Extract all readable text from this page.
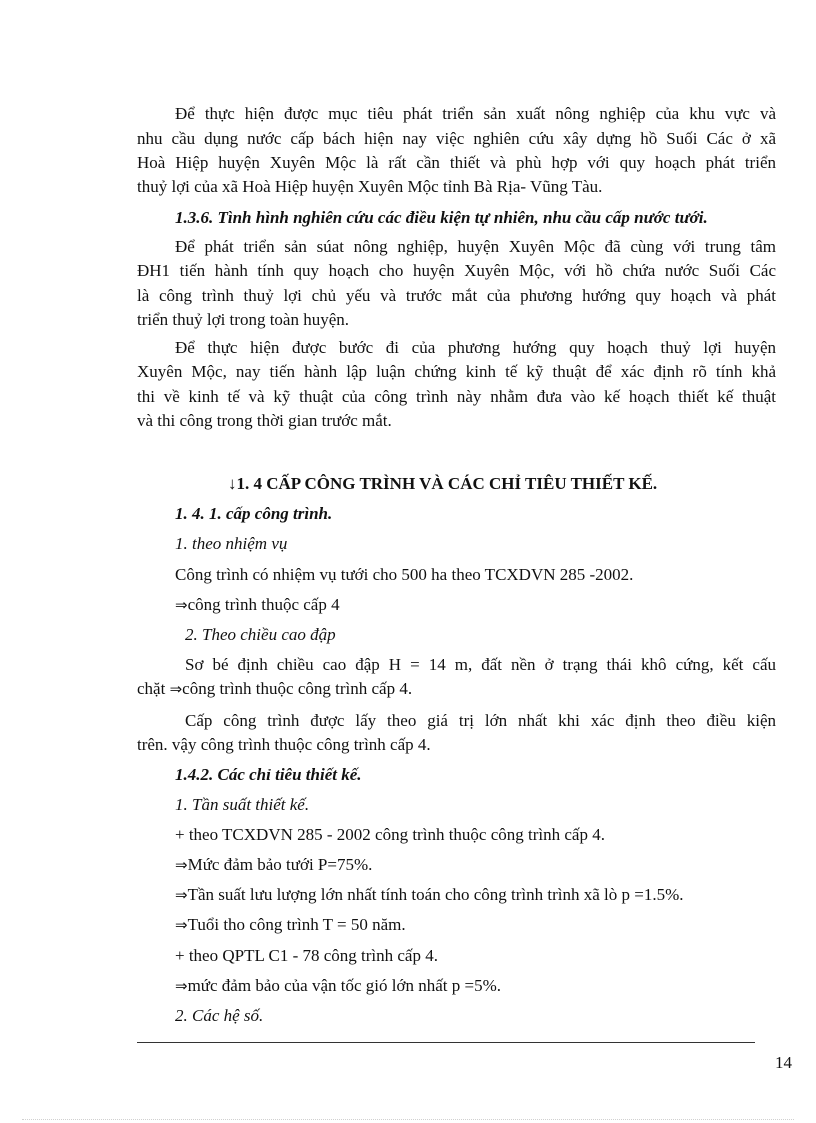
Để thực hiện được mục tiêu phát triển sản xuất nông nghiệp của khu vực và

nhu cầu dụng nước cấp bách hiện nay việc nghiên cứu xây dựng hồ Suối Các ở xã

Hoà Hiệp huyện Xuyên Mộc là rất cần thiết và phù hợp với quy hoạch phát triển

thuỷ lợi của xã Hoà Hiệp huyện Xuyên Mộc tỉnh Bà Rịa- Vũng Tàu.

1.3.6. Tình hình nghiên cứu các điều kiện tự nhiên, nhu cầu cấp nước tưới.

Để phát triển sản súat nông nghiệp, huyện Xuyên Mộc đã cùng với trung tâm

ĐH1 tiến hành tính quy hoạch cho huyện Xuyên Mộc, với hồ chứa nước Suối Các

là công trình thuỷ lợi chủ yếu và trước mắt của phương hướng quy hoạch và phát

triển thuỷ lợi trong toàn huyện.

Để thực hiện được bước đi của phương hướng quy hoạch thuỷ lợi huyện

Xuyên Mộc, nay tiến hành lập luận chứng kinh tế kỹ thuật để xác định rõ tính khả

thi về kinh tế và kỹ thuật của công trình này nhằm đưa vào kế hoạch thiết kế thuật

và thi công trong thời gian trước mắt.

↓1. 4 CẤP CÔNG TRÌNH VÀ CÁC CHỈ TIÊU THIẾT KẾ.

1. 4. 1. cấp công trình.

1. theo nhiệm vụ

Công trình có nhiệm vụ tưới cho 500 ha theo TCXDVN 285 -2002.

⇒công trình thuộc cấp 4

2. Theo chiều cao đập

Sơ bé định chiều cao đập H = 14 m, đất nền ở trạng thái khô cứng, kết cấu

chặt ⇒công trình thuộc công trình cấp 4.

Cấp công trình được lấy theo giá trị lớn nhất khi xác định theo điều kiện

trên. vậy công trình thuộc công trình cấp 4.

1.4.2. Các chỉ tiêu thiết kế.

1. Tần suất thiết kế.

+ theo TCXDVN 285 - 2002 công trình thuộc công trình cấp 4.

⇒Mức đảm bảo tưới P=75%.

⇒Tần suất lưu lượng lớn nhất tính toán cho công trình trình xã lò p =1.5%.

⇒Tuổi tho công trình T = 50 năm.

+ theo QPTL C1 - 78 công trình cấp 4.

⇒mức đảm bảo của vận tốc gió lớn nhất p =5%.

2. Các hệ số.

14
